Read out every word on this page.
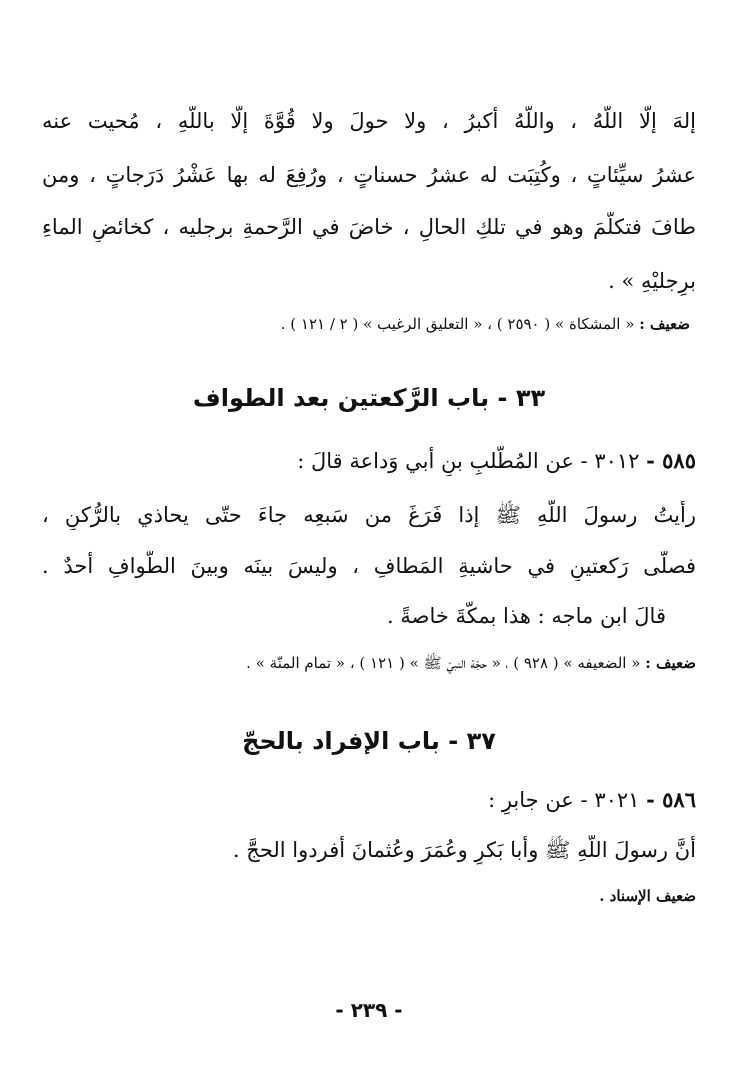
إلهَ إلّا اللّهُ ، واللّهُ أكبرُ ، ولا حولَ ولا قُوَّةَ إلّا باللّهِ ، مُحيت عنه
عشرُ سيِّئاتٍ ، وكُتِبَت له عشرُ حسناتٍ ، ورُفِعَ له بها عَشْرُ دَرَجاتٍ ، ومن
طافَ فتكلَّمَ وهو في تلكِ الحالِ ، خاضَ في الرَّحمةِ برجليه ، كخائضِ الماءِ
برِجليْهِ » .
ضعيف : « المشكاة » ( ٢٥٩٠ ) ، « التعليق الرغيب » ( ٢ / ١٢١ ) .
٣٣ - باب الرَّكعتين بعد الطواف
٥٨٥ - ٣٠١٢ - عن المُطَّلبِ بنِ أبي وَداعة قالَ :
رأيتُ رسولَ اللّهِ ﷺ إذا فَرَغَ من سَبعِه جاءَ حتّى يحاذي بالرُّكنِ ،
فصلّى رَكعتينِ في حاشيةِ المَطافِ ، وليسَ بينَه وبينَ الطَّوافِ أحدٌ .
قالَ ابن ماجه : هذا بمكَّةَ خاصةً .
ضعيف : « الضعيفه » ( ٩٢٨ ) ، « حجّة النبيّ ﷺ » ( ١٢١ ) ، « تمام المنّة » .
٣٧ - باب الإفراد بالحجّ
٥٨٦ - ٣٠٢١ - عن جابرٍ :
أنَّ رسولَ اللّهِ ﷺ وأبا بَكرٍ وعُمَرَ وعُثمانَ أفردوا الحجَّ .
ضعيف الإسناد .
- ٢٣٩ -
